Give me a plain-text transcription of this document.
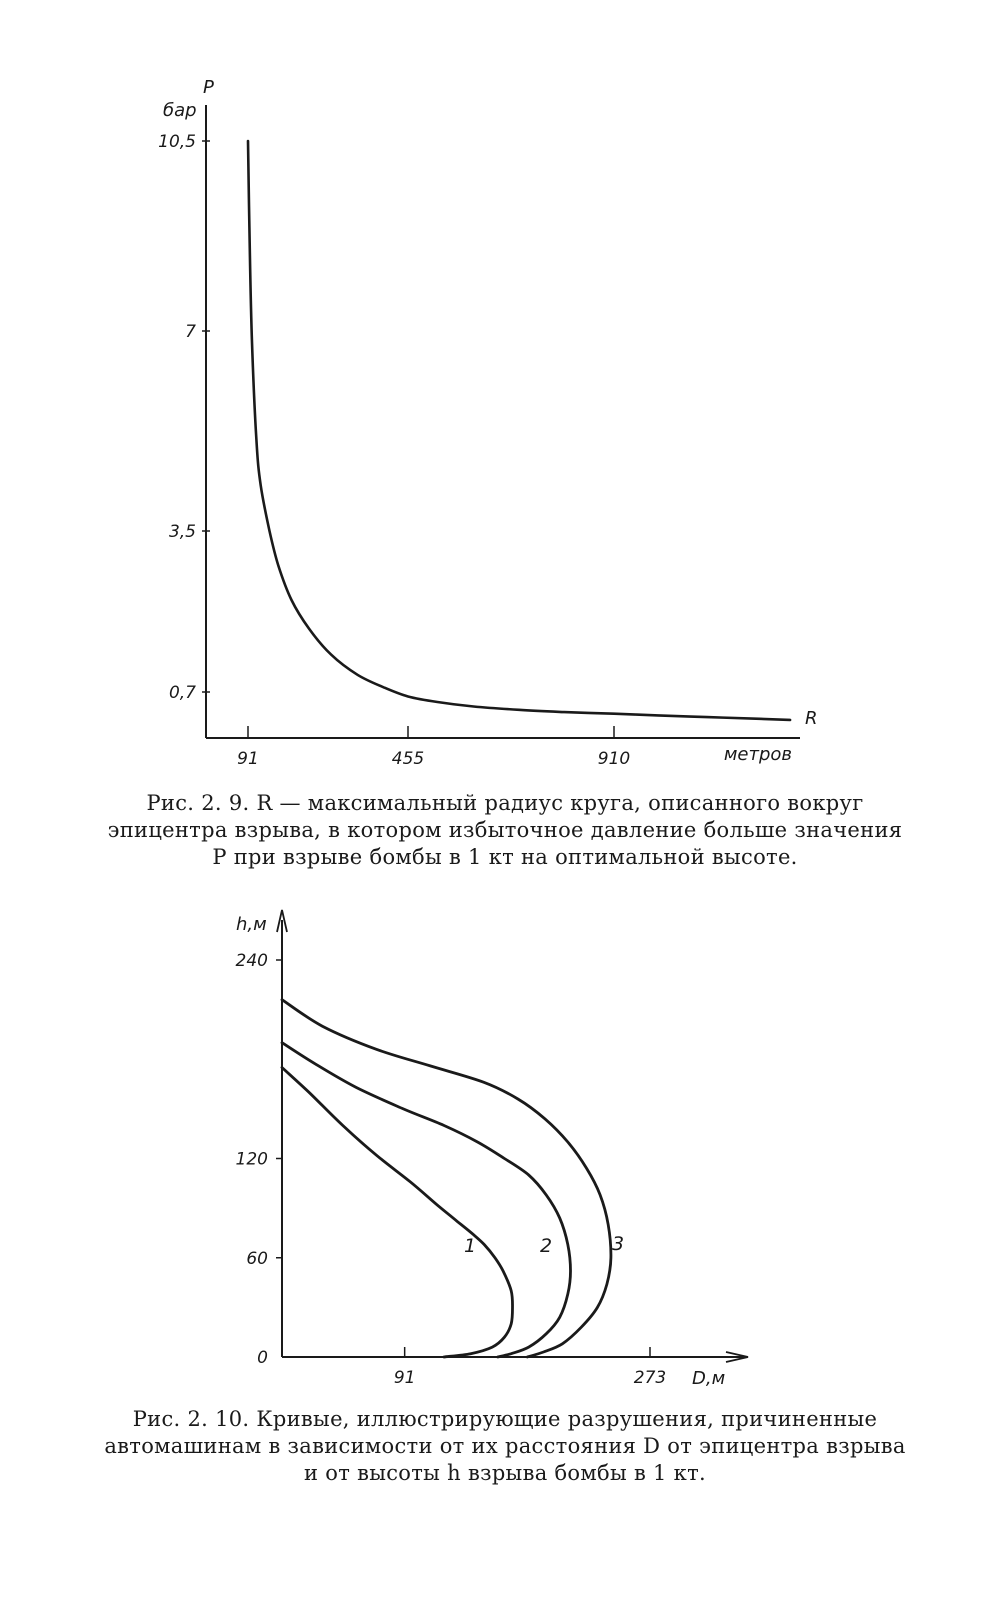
10,5
7
3,5
0,7
91	455	910
P
бар
R
метров
Рис. 2. 9. R — максимальный радиус круга, описанного вокруг
эпицентра взрыва, в котором избыточное давление больше значения
P при взрыве бомбы в 1 кт на оптимальной высоте.
240
120
60
0
91	273
h,м
D,м
1	2	3
Рис. 2. 10. Кривые, иллюстрирующие разрушения, причиненные
автомашинам в зависимости от их расстояния D от эпицентра взрыва
и от высоты h взрыва бомбы в 1 кт.
